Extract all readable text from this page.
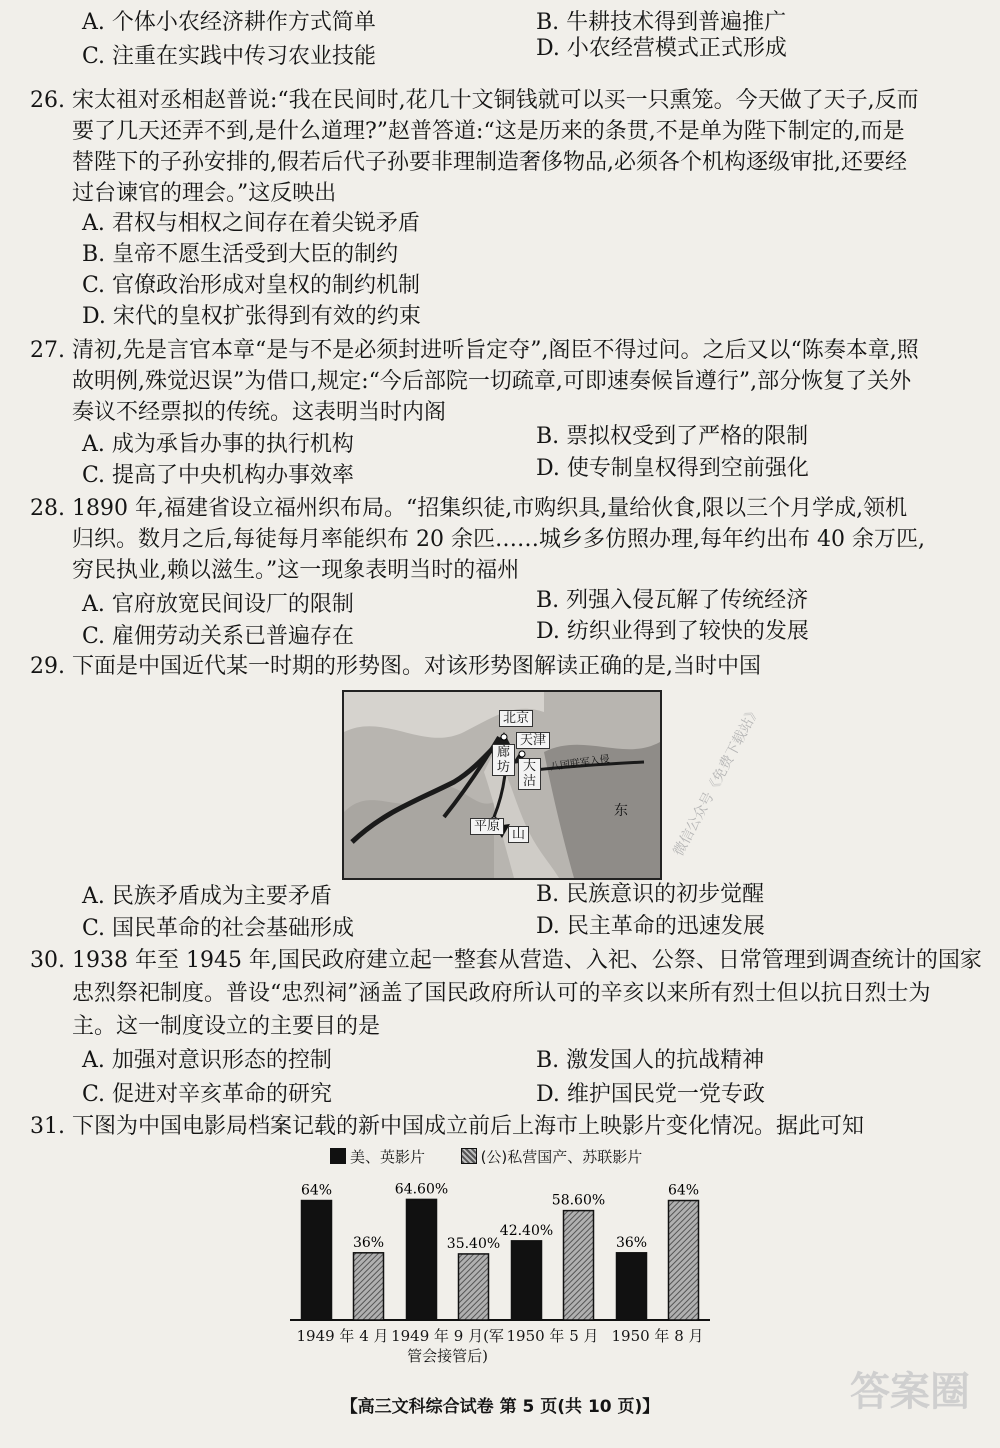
A. 个体小农经济耕作方式简单	B. 牛耕技术得到普遍推广
C. 注重在实践中传习农业技能	D. 小农经营模式正式形成
26. 宋太祖对丞相赵普说:“我在民间时,花几十文铜钱就可以买一只熏笼。今天做了天子,反而
要了几天还弄不到,是什么道理?”赵普答道:“这是历来的条贯,不是单为陛下制定的,而是
替陛下的子孙安排的,假若后代子孙要非理制造奢侈物品,必须各个机构逐级审批,还要经
过台谏官的理会。”这反映出
A. 君权与相权之间存在着尖锐矛盾
B. 皇帝不愿生活受到大臣的制约
C. 官僚政治形成对皇权的制约机制
D. 宋代的皇权扩张得到有效的约束
27. 清初,先是言官本章“是与不是必须封进听旨定夺”,阁臣不得过问。之后又以“陈奏本章,照
故明例,殊觉迟误”为借口,规定:“今后部院一切疏章,可即速奏候旨遵行”,部分恢复了关外
奏议不经票拟的传统。这表明当时内阁
A. 成为承旨办事的执行机构	B. 票拟权受到了严格的限制
C. 提高了中央机构办事效率	D. 使专制皇权得到空前强化
28. 1890 年,福建省设立福州织布局。“招集织徒,市购织具,量给伙食,限以三个月学成,领机
归织。数月之后,每徒每月率能织布 20 余匹……城乡多仿照办理,每年约出布 40 余万匹,
穷民执业,赖以滋生。”这一现象表明当时的福州
A. 官府放宽民间设厂的限制	B. 列强入侵瓦解了传统经济
C. 雇佣劳动关系已普遍存在	D. 纺织业得到了较快的发展
29. 下面是中国近代某一时期的形势图。对该形势图解读正确的是,当时中国
北京
天津
廊坊 大沽
平原
山
东
八国联军入侵	微信公众号《免费下载站》
A. 民族矛盾成为主要矛盾	B. 民族意识的初步觉醒
C. 国民革命的社会基础形成	D. 民主革命的迅速发展
30. 1938 年至 1945 年,国民政府建立起一整套从营造、入祀、公祭、日常管理到调查统计的国家
忠烈祭祀制度。普设“忠烈祠”涵盖了国民政府所认可的辛亥以来所有烈士但以抗日烈士为
主。这一制度设立的主要目的是
A. 加强对意识形态的控制	B. 激发国人的抗战精神
C. 促进对辛亥革命的研究	D. 维护国民党一党专政
31. 下图为中国电影局档案记载的新中国成立前后上海市上映影片变化情况。据此可知
美、英影片	(公)私营国产、苏联影片
64%
36%
64.60%
35.40%
42.40%
58.60%
36%
64%
1949 年 4 月 1949 年 9 月(军
管会接管后)
1950 年 5 月 1950 年 8 月
【高三文科综合试卷 第 5 页(共 10 页)】	答案圈
